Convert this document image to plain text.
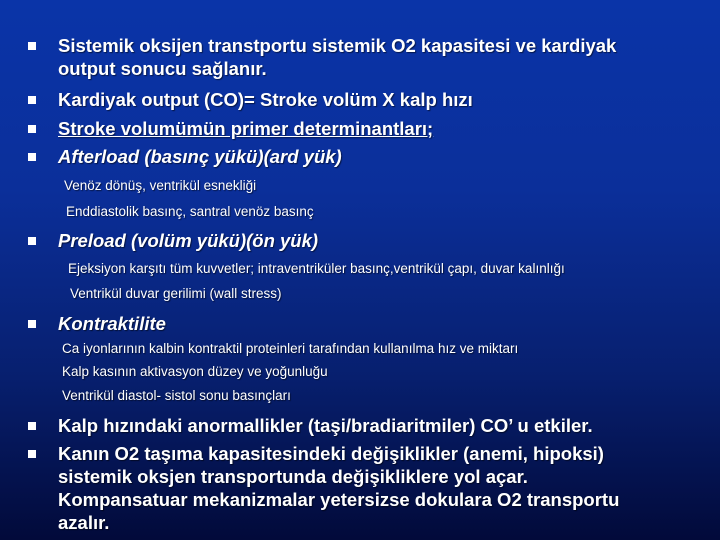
Sistemik oksijen transtportu sistemik O2 kapasitesi ve kardiyak
output sonucu sağlanır.
Kardiyak output (CO)= Stroke volüm X kalp hızı
Stroke volumümün primer determinantları;
Afterload (basınç yükü)(ard yük)
Venöz dönüş, ventrikül esnekliği
Enddiastolik basınç, santral venöz basınç
Preload (volüm yükü)(ön yük)
Ejeksiyon karşıtı tüm kuvvetler; intraventriküler basınç,ventrikül çapı, duvar kalınlığı
Ventrikül duvar gerilimi (wall stress)
Kontraktilite
Ca iyonlarının kalbin kontraktil proteinleri tarafından kullanılma hız ve miktarı
Kalp kasının aktivasyon düzey ve yoğunluğu
Ventrikül diastol- sistol sonu basınçları
Kalp hızındaki anormallikler (taşi/bradiaritmiler) CO’ u etkiler.
Kanın O2 taşıma kapasitesindeki değişiklikler (anemi, hipoksi)
sistemik oksjen transportunda değişikliklere yol açar.
Kompansatuar mekanizmalar yetersizse dokulara O2 transportu
azalır.
